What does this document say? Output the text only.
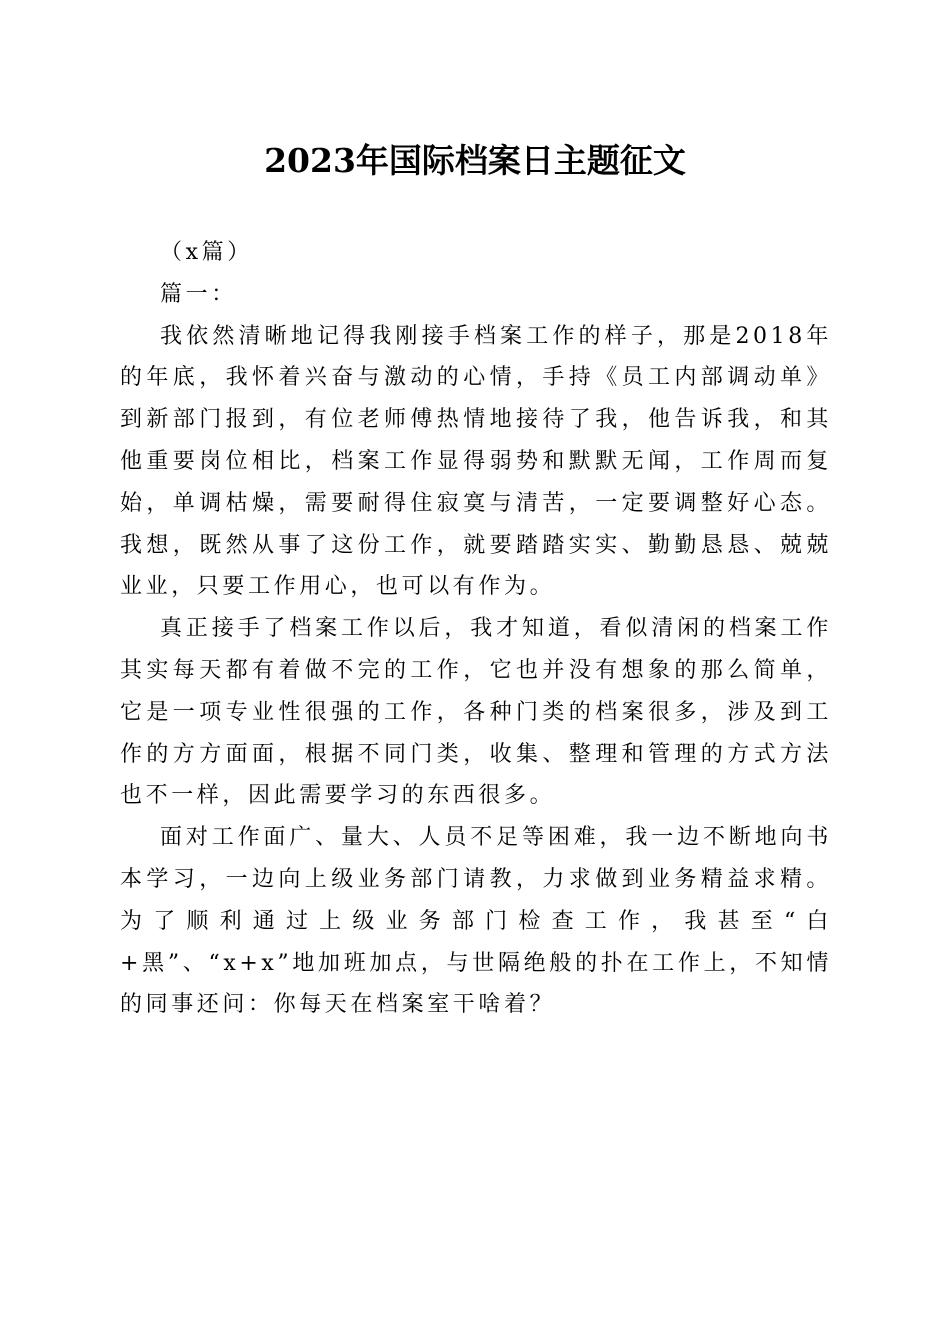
2023年国际档案日主题征文

（x篇）

篇一：

我依然清晰地记得我刚接手档案工作的样子，那是2018年的年底，我怀着兴奋与激动的心情，手持《员工内部调动单》到新部门报到，有位老师傅热情地接待了我，他告诉我，和其他重要岗位相比，档案工作显得弱势和默默无闻，工作周而复始，单调枯燥，需要耐得住寂寞与清苦，一定要调整好心态。我想，既然从事了这份工作，就要踏踏实实、勤勤恳恳、兢兢业业，只要工作用心，也可以有作为。

真正接手了档案工作以后，我才知道，看似清闲的档案工作其实每天都有着做不完的工作，它也并没有想象的那么简单，它是一项专业性很强的工作，各种门类的档案很多，涉及到工作的方方面面，根据不同门类，收集、整理和管理的方式方法也不一样，因此需要学习的东西很多。

面对工作面广、量大、人员不足等困难，我一边不断地向书本学习，一边向上级业务部门请教，力求做到业务精益求精。为了顺利通过上级业务部门检查工作，我甚至“白+黑”、“x+x”地加班加点，与世隔绝般的扑在工作上，不知情的同事还问：你每天在档案室干啥着？
